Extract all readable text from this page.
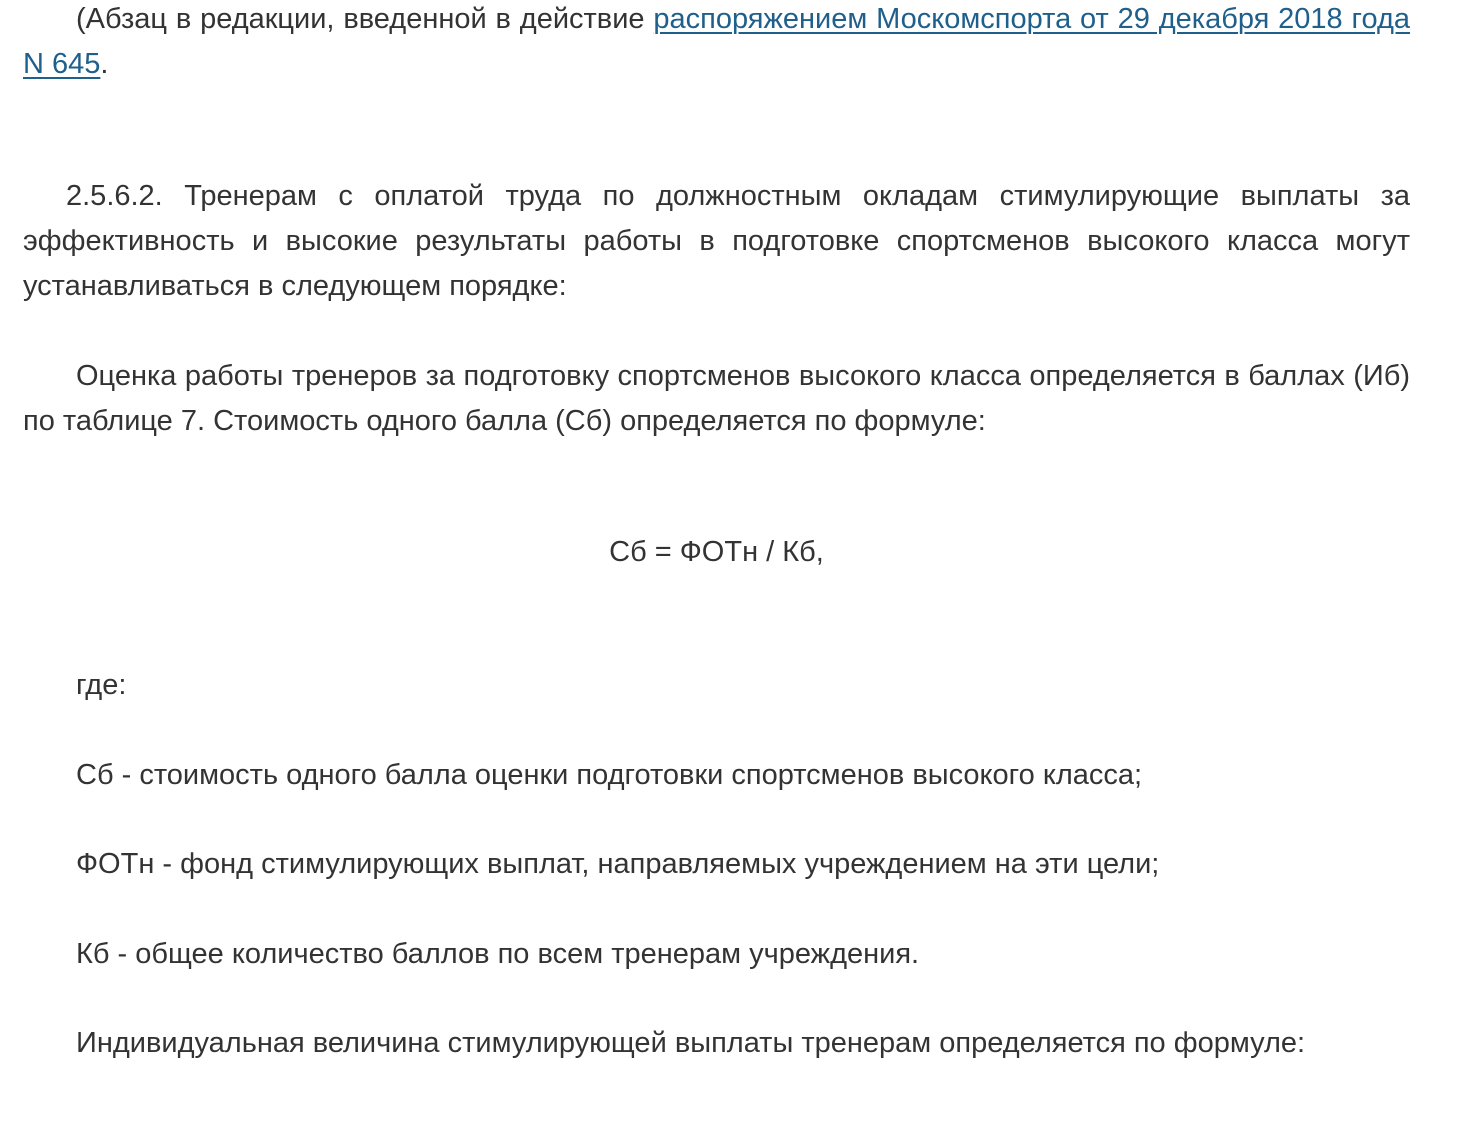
(Абзац в редакции, введенной в действие распоряжением Москомспорта от 29 декабря 2018 года N 645.

2.5.6.2. Тренерам с оплатой труда по должностным окладам стимулирующие выплаты за эффективность и высокие результаты работы в подготовке спортсменов высокого класса могут устанавливаться в следующем порядке:

Оценка работы тренеров за подготовку спортсменов высокого класса определяется в баллах (Иб) по таблице 7. Стоимость одного балла (Сб) определяется по формуле:

Сб = ФОТн / Кб,

где:

Сб - стоимость одного балла оценки подготовки спортсменов высокого класса;

ФОТн - фонд стимулирующих выплат, направляемых учреждением на эти цели;

Кб - общее количество баллов по всем тренерам учреждения.

Индивидуальная величина стимулирующей выплаты тренерам определяется по формуле:
